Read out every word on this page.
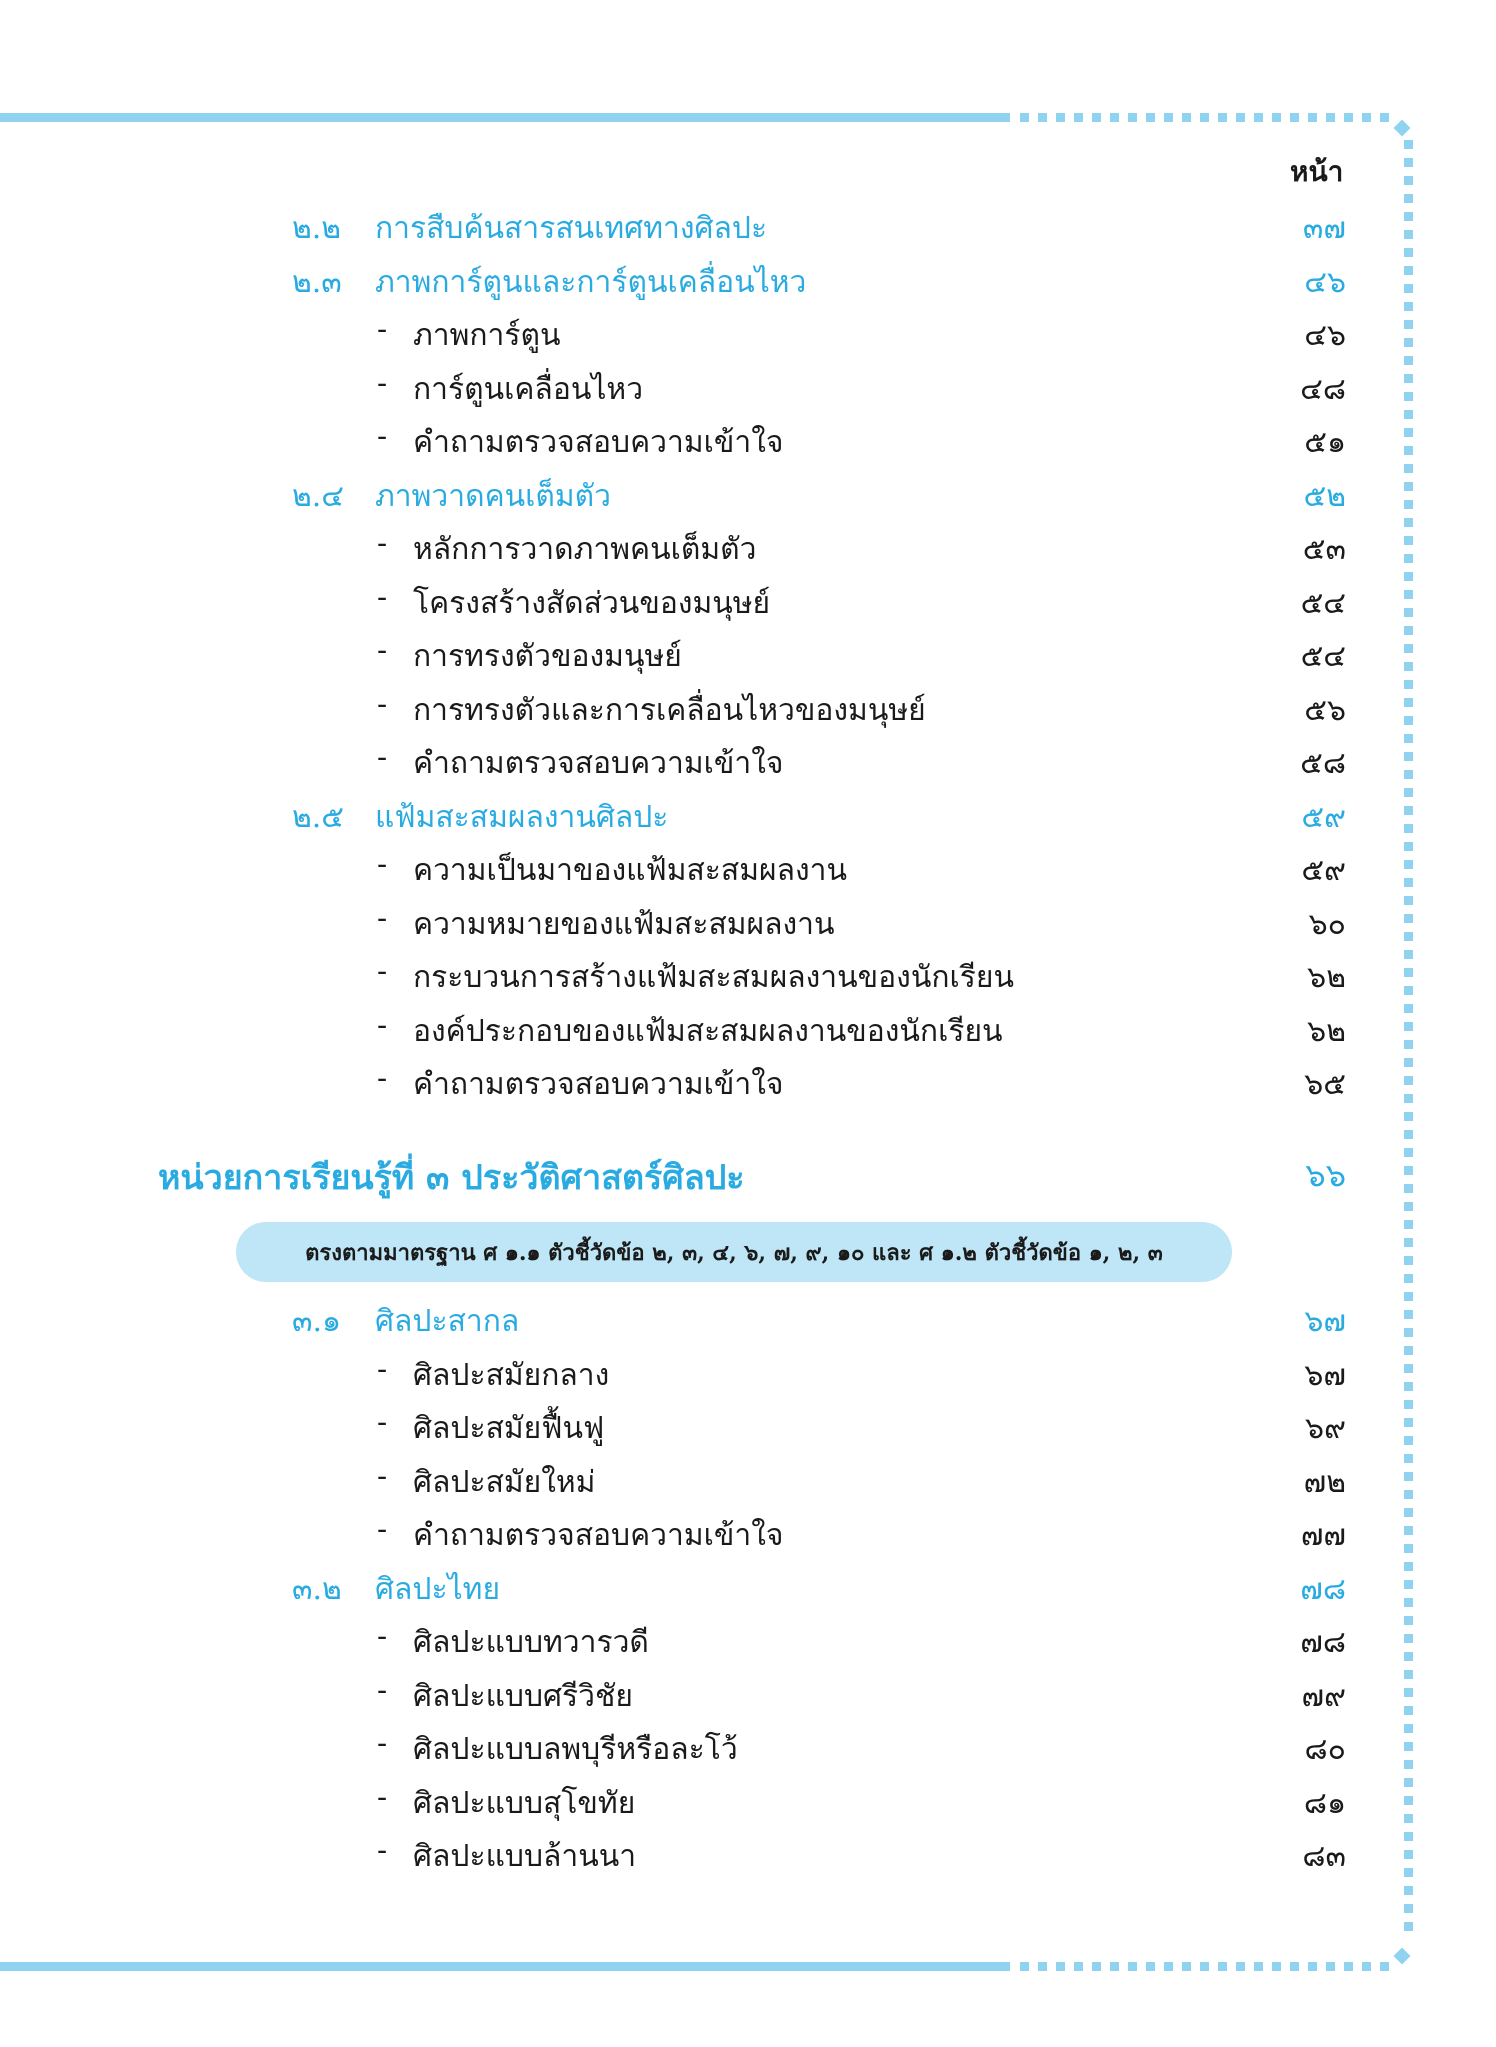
หน้า
๒.๒ การสืบค้นสารสนเทศทางศิลปะ	๓๗
๒.๓ ภาพการ์ตูนและการ์ตูนเคลื่อนไหว	๔๖
- ภาพการ์ตูน	๔๖
- การ์ตูนเคลื่อนไหว	๔๘
- คำถามตรวจสอบความเข้าใจ	๕๑
๒.๔ ภาพวาดคนเต็มตัว	๕๒
- หลักการวาดภาพคนเต็มตัว	๕๓
- โครงสร้างสัดส่วนของมนุษย์	๕๔
- การทรงตัวของมนุษย์	๕๔
- การทรงตัวและการเคลื่อนไหวของมนุษย์	๕๖
- คำถามตรวจสอบความเข้าใจ	๕๘
๒.๕ แฟ้มสะสมผลงานศิลปะ	๕๙
- ความเป็นมาของแฟ้มสะสมผลงาน	๕๙
- ความหมายของแฟ้มสะสมผลงาน	๖๐
- กระบวนการสร้างแฟ้มสะสมผลงานของนักเรียน	๖๒
- องค์ประกอบของแฟ้มสะสมผลงานของนักเรียน	๖๒
- คำถามตรวจสอบความเข้าใจ	๖๕
หน่วยการเรียนรู้ที่ ๓ ประวัติศาสตร์ศิลปะ	๖๖
ตรงตามมาตรฐาน ศ ๑.๑ ตัวชี้วัดข้อ ๒, ๓, ๔, ๖, ๗, ๙, ๑๐ และ ศ ๑.๒ ตัวชี้วัดข้อ ๑, ๒, ๓
๓.๑ ศิลปะสากล	๖๗
- ศิลปะสมัยกลาง	๖๗
- ศิลปะสมัยฟื้นฟู	๖๙
- ศิลปะสมัยใหม่	๗๒
- คำถามตรวจสอบความเข้าใจ	๗๗
๓.๒ ศิลปะไทย	๗๘
- ศิลปะแบบทวารวดี	๗๘
- ศิลปะแบบศรีวิชัย	๗๙
- ศิลปะแบบลพบุรีหรือละโว้	๘๐
- ศิลปะแบบสุโขทัย	๘๑
- ศิลปะแบบล้านนา	๘๓
